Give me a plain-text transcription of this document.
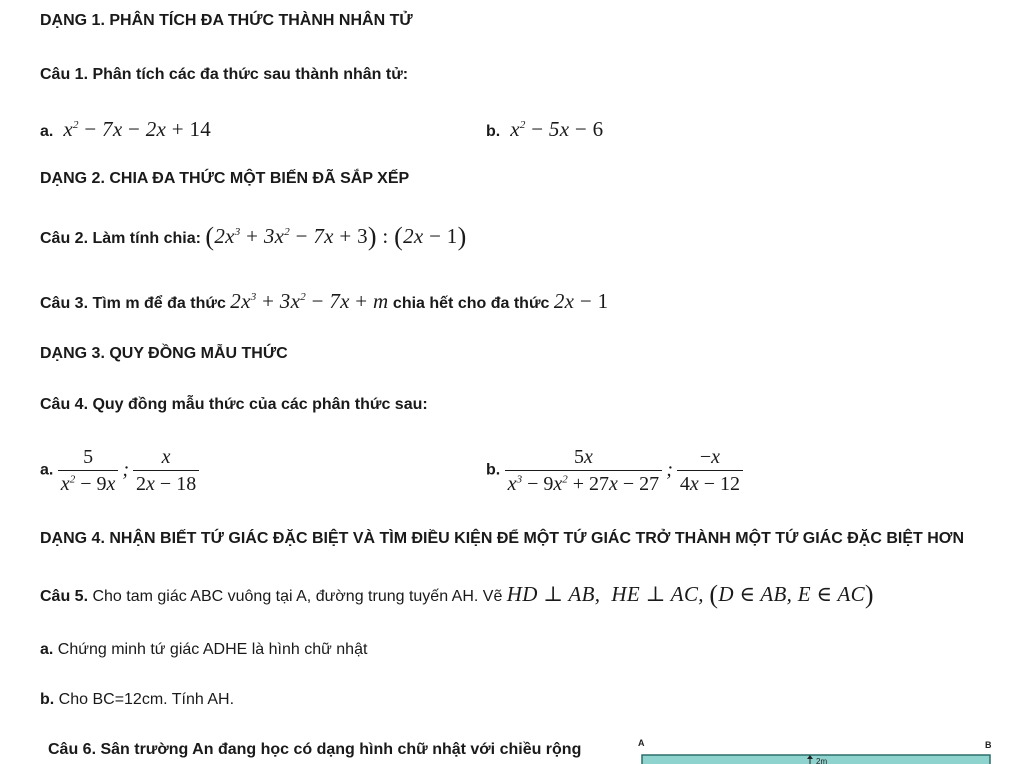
DẠNG 1. PHÂN TÍCH ĐA THỨC THÀNH NHÂN TỬ
Câu 1. Phân tích các đa thức sau thành nhân tử:
a.  $x^2 - 7x - 2x + 14$	b.  $x^2 - 5x - 6$
DẠNG 2. CHIA ĐA THỨC MỘT BIẾN ĐÃ SẮP XẾP
Câu 2. Làm tính chia: $(2x^3 + 3x^2 - 7x + 3)$ : (2x − 1)
Câu 3. Tìm m để đa thức $2x^3 + 3x^2 - 7x + m$ chia hết cho đa thức 2x − 1
DẠNG 3. QUY ĐỒNG MẪU THỨC
Câu 4. Quy đồng mẫu thức của các phân thức sau:
a. $\frac{5}{x^2 - 9x}$ ; $\frac{x}{2x - 18}$	b. $\frac{5x}{x^3 - 9x^2 + 27x - 27}$ ; $\frac{-x}{4x - 12}$
DẠNG 4. NHẬN BIẾT TỨ GIÁC ĐẶC BIỆT VÀ TÌM ĐIỀU KIỆN ĐỂ MỘT TỨ GIÁC TRỞ THÀNH MỘT TỨ GIÁC ĐẶC BIỆT HƠN
Câu 5. Cho tam giác ABC vuông tại A, đường trung tuyến AH. Vẽ HD ⊥ AB,  HE ⊥ AC, (D ∈ AB, E ∈ AC)
a. Chứng minh tứ giác ADHE là hình chữ nhật
b. Cho BC=12cm. Tính AH.
Câu 6. Sân trường An đang học có dạng hình chữ nhật với chiều rộng	A	B
2m
